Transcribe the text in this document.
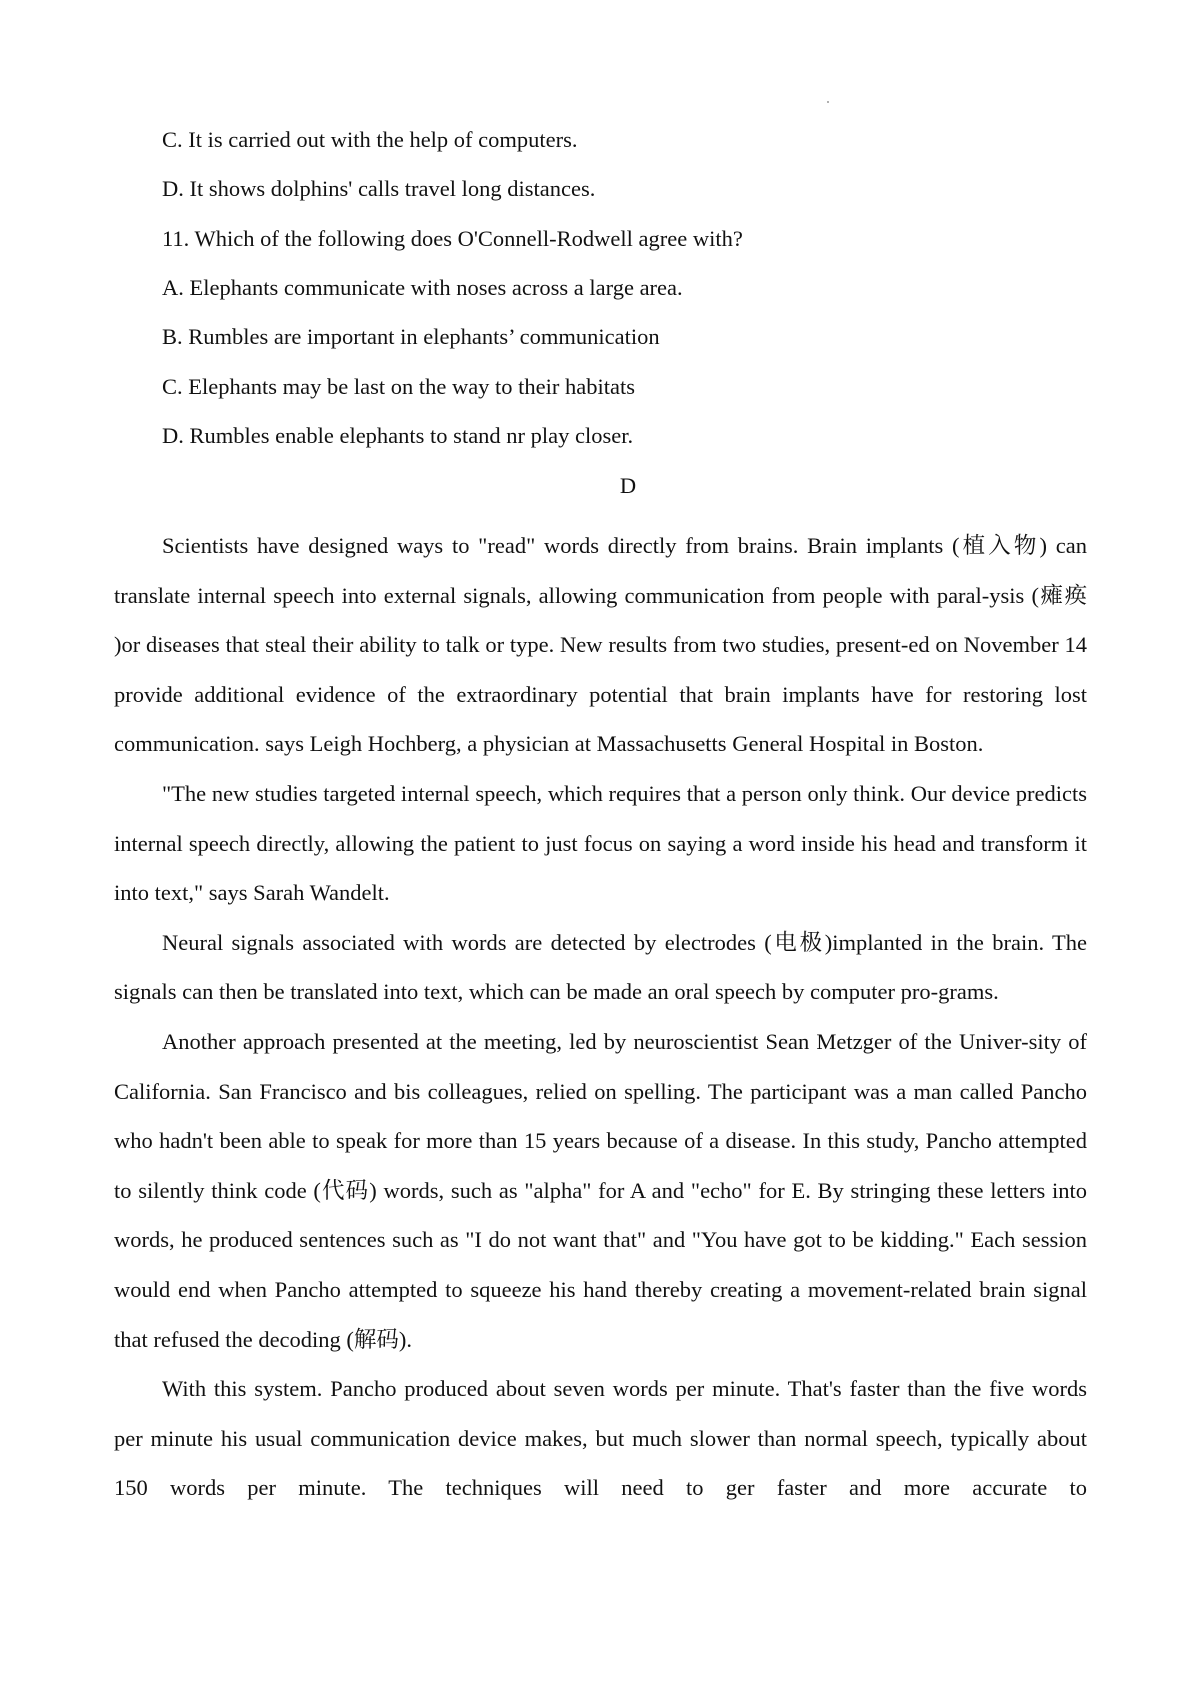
C. It is carried out with the help of computers.
D. It shows dolphins' calls travel long distances.
11. Which of the following does O'Connell-Rodwell agree with?
A. Elephants communicate with noses across a large area.
B. Rumbles are important in elephants’ communication
C. Elephants may be last on the way to their habitats
D. Rumbles enable elephants to stand nr play closer.
D

Scientists have designed ways to "read" words directly from brains. Brain implants (植入物) can translate internal speech into external signals, allowing communication from people with paral-ysis (瘫痪 )or diseases that steal their ability to talk or type. New results from two studies, present-ed on November 14 provide additional evidence of the extraordinary potential that brain implants have for restoring lost communication. says Leigh Hochberg, a physician at Massachusetts General Hospital in Boston.

"The new studies targeted internal speech, which requires that a person only think. Our device predicts internal speech directly, allowing the patient to just focus on saying a word inside his head and transform it into text," says Sarah Wandelt.

Neural signals associated with words are detected by electrodes (电极)implanted in the brain. The signals can then be translated into text, which can be made an oral speech by computer pro-grams.

Another approach presented at the meeting, led by neuroscientist Sean Metzger of the Univer-sity of California. San Francisco and bis colleagues, relied on spelling. The participant was a man called Pancho who hadn't been able to speak for more than 15 years because of a disease. In this study, Pancho attempted to silently think code (代码) words, such as "alpha" for A and "echo" for E. By stringing these letters into words, he produced sentences such as "I do not want that" and "You have got to be kidding." Each session would end when Pancho attempted to squeeze his hand thereby creating a movement-related brain signal that refused the decoding (解码).

With this system. Pancho produced about seven words per minute. That's faster than the five words per minute his usual communication device makes, but much slower than normal speech, typically about 150 words per minute. The techniques will need to ger faster and more accurate to
